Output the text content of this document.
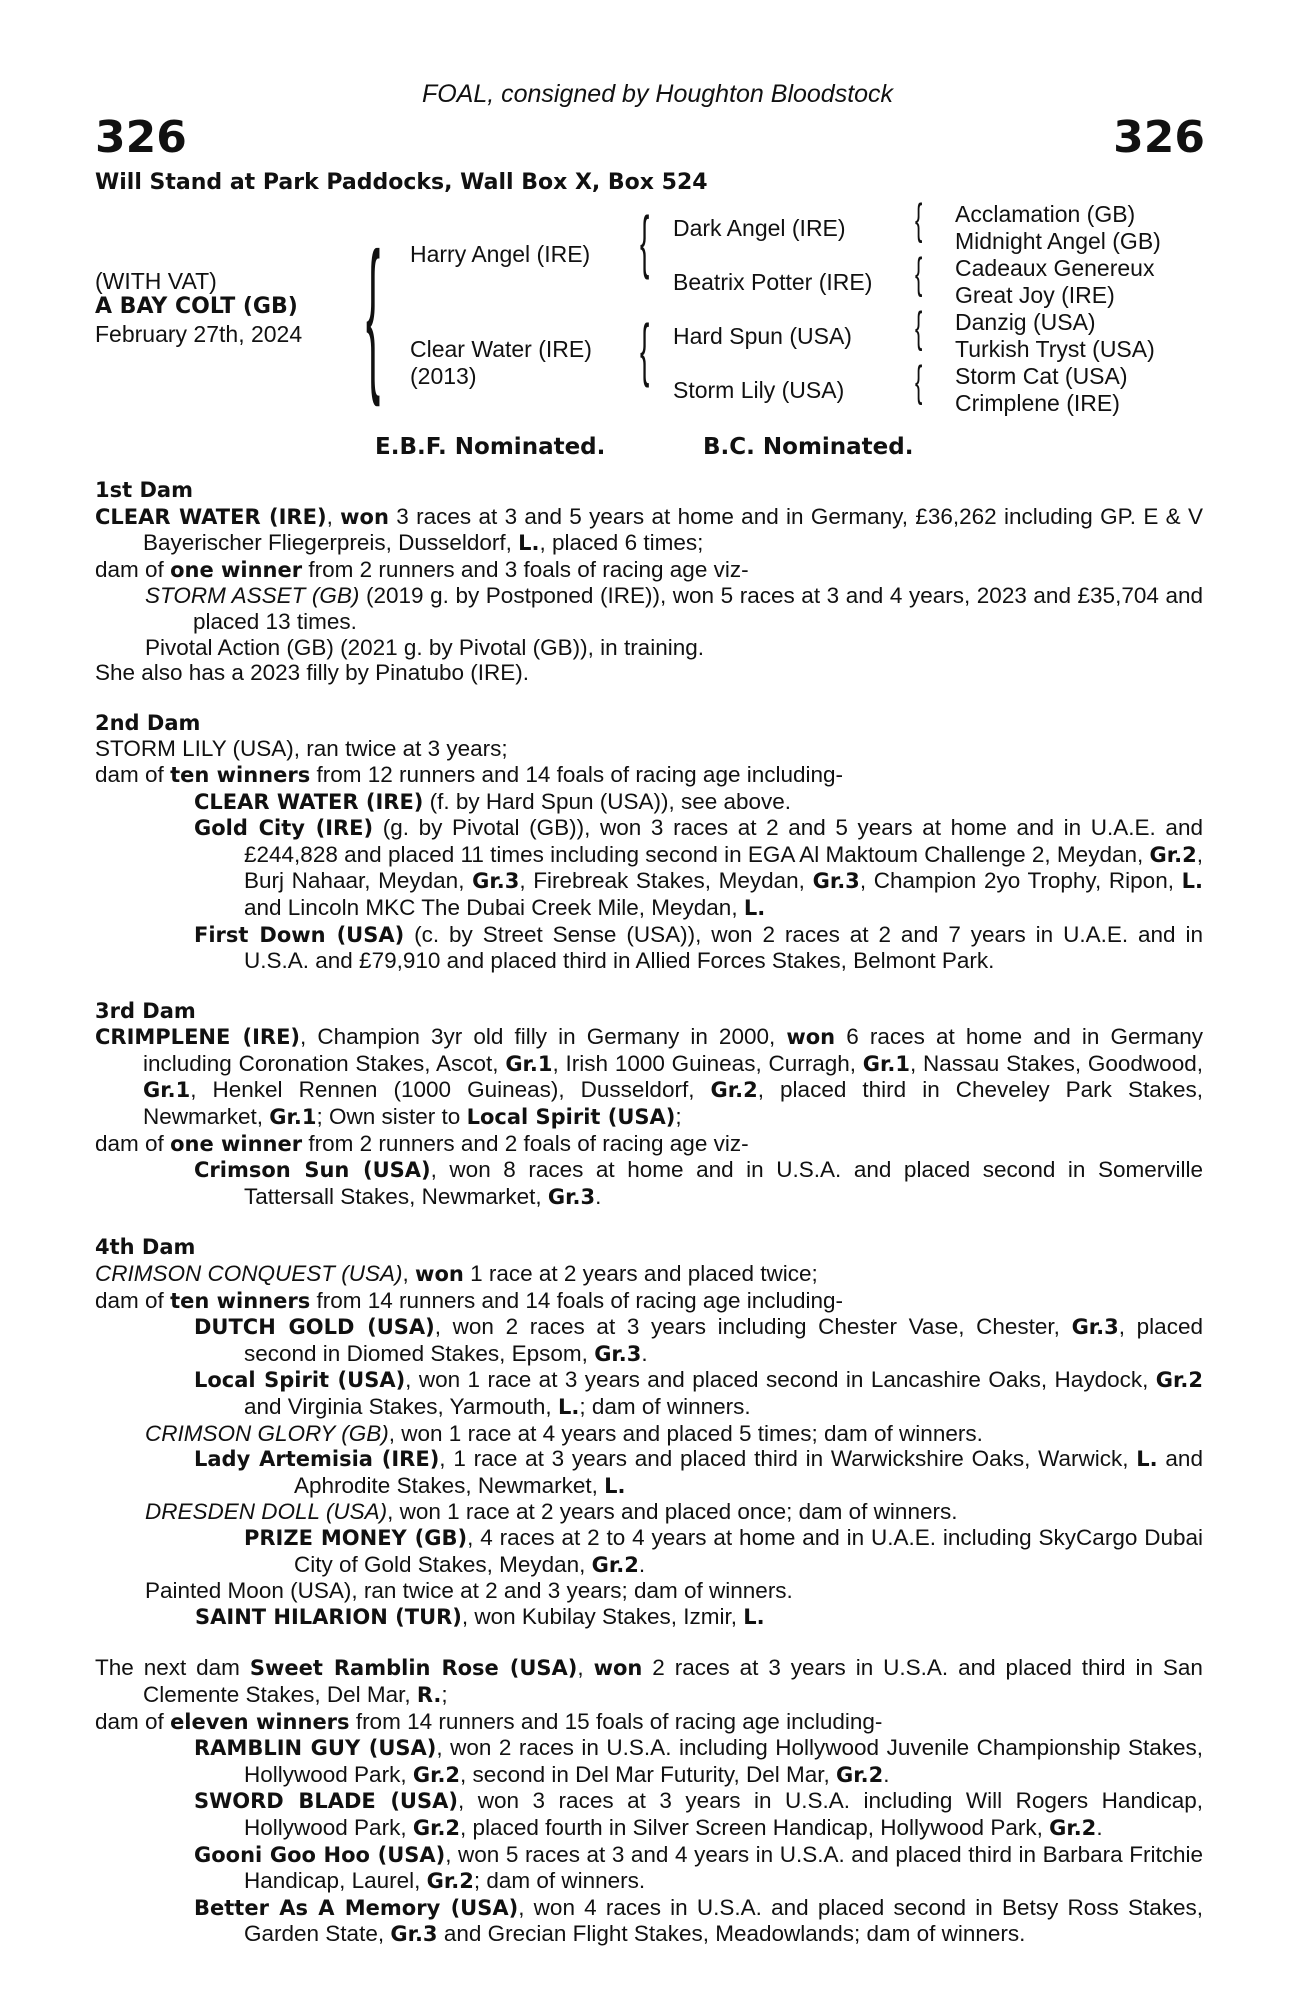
FOAL, consigned by Houghton Bloodstock
326	326
Will Stand at Park Paddocks, Wall Box X, Box 524
(WITH VAT)
A BAY COLT (GB)
February 27th, 2024 {	{
{
{
{
{
{
Harry Angel (IRE)
Clear Water (IRE)
(2013)
Dark Angel (IRE)
Beatrix Potter (IRE)
Hard Spun (USA)
Storm Lily (USA)
Acclamation (GB)
Midnight Angel (GB)
Cadeaux Genereux
Great Joy (IRE)
Danzig (USA)
Turkish Tryst (USA)
Storm Cat (USA)
Crimplene (IRE)
E.B.F. Nominated.	B.C. Nominated.
1st Dam
CLEAR WATER (IRE), won 3 races at 3 and 5 years at home and in Germany, £36,262 including GP. E & V Bayerischer Fliegerpreis, Dusseldorf, L., placed 6 times;
dam of one winner from 2 runners and 3 foals of racing age viz-
STORM ASSET (GB) (2019 g. by Postponed (IRE)), won 5 races at 3 and 4 years, 2023 and £35,704 and placed 13 times.
Pivotal Action (GB) (2021 g. by Pivotal (GB)), in training.
She also has a 2023 filly by Pinatubo (IRE).
2nd Dam
STORM LILY (USA), ran twice at 3 years;
dam of ten winners from 12 runners and 14 foals of racing age including-
CLEAR WATER (IRE) (f. by Hard Spun (USA)), see above.
Gold City (IRE) (g. by Pivotal (GB)), won 3 races at 2 and 5 years at home and in U.A.E. and £244,828 and placed 11 times including second in EGA Al Maktoum Challenge 2, Meydan, Gr.2, Burj Nahaar, Meydan, Gr.3, Firebreak Stakes, Meydan, Gr.3, Champion 2yo Trophy, Ripon, L. and Lincoln MKC The Dubai Creek Mile, Meydan, L.
First Down (USA) (c. by Street Sense (USA)), won 2 races at 2 and 7 years in U.A.E. and in U.S.A. and £79,910 and placed third in Allied Forces Stakes, Belmont Park.
3rd Dam
CRIMPLENE (IRE), Champion 3yr old filly in Germany in 2000, won 6 races at home and in Germany including Coronation Stakes, Ascot, Gr.1, Irish 1000 Guineas, Curragh, Gr.1, Nassau Stakes, Goodwood, Gr.1, Henkel Rennen (1000 Guineas), Dusseldorf, Gr.2, placed third in Cheveley Park Stakes, Newmarket, Gr.1; Own sister to Local Spirit (USA);
dam of one winner from 2 runners and 2 foals of racing age viz-
Crimson Sun (USA), won 8 races at home and in U.S.A. and placed second in Somerville Tattersall Stakes, Newmarket, Gr.3.
4th Dam
CRIMSON CONQUEST (USA), won 1 race at 2 years and placed twice;
dam of ten winners from 14 runners and 14 foals of racing age including-
DUTCH GOLD (USA), won 2 races at 3 years including Chester Vase, Chester, Gr.3, placed second in Diomed Stakes, Epsom, Gr.3.
Local Spirit (USA), won 1 race at 3 years and placed second in Lancashire Oaks, Haydock, Gr.2 and Virginia Stakes, Yarmouth, L.; dam of winners.
CRIMSON GLORY (GB), won 1 race at 4 years and placed 5 times; dam of winners.
Lady Artemisia (IRE), 1 race at 3 years and placed third in Warwickshire Oaks, Warwick, L. and Aphrodite Stakes, Newmarket, L.
DRESDEN DOLL (USA), won 1 race at 2 years and placed once; dam of winners.
PRIZE MONEY (GB), 4 races at 2 to 4 years at home and in U.A.E. including SkyCargo Dubai City of Gold Stakes, Meydan, Gr.2.
Painted Moon (USA), ran twice at 2 and 3 years; dam of winners.
SAINT HILARION (TUR), won Kubilay Stakes, Izmir, L.
The next dam Sweet Ramblin Rose (USA), won 2 races at 3 years in U.S.A. and placed third in San Clemente Stakes, Del Mar, R.;
dam of eleven winners from 14 runners and 15 foals of racing age including-
RAMBLIN GUY (USA), won 2 races in U.S.A. including Hollywood Juvenile Championship Stakes, Hollywood Park, Gr.2, second in Del Mar Futurity, Del Mar, Gr.2.
SWORD BLADE (USA), won 3 races at 3 years in U.S.A. including Will Rogers Handicap, Hollywood Park, Gr.2, placed fourth in Silver Screen Handicap, Hollywood Park, Gr.2.
Gooni Goo Hoo (USA), won 5 races at 3 and 4 years in U.S.A. and placed third in Barbara Fritchie Handicap, Laurel, Gr.2; dam of winners.
Better As A Memory (USA), won 4 races in U.S.A. and placed second in Betsy Ross Stakes, Garden State, Gr.3 and Grecian Flight Stakes, Meadowlands; dam of winners.
